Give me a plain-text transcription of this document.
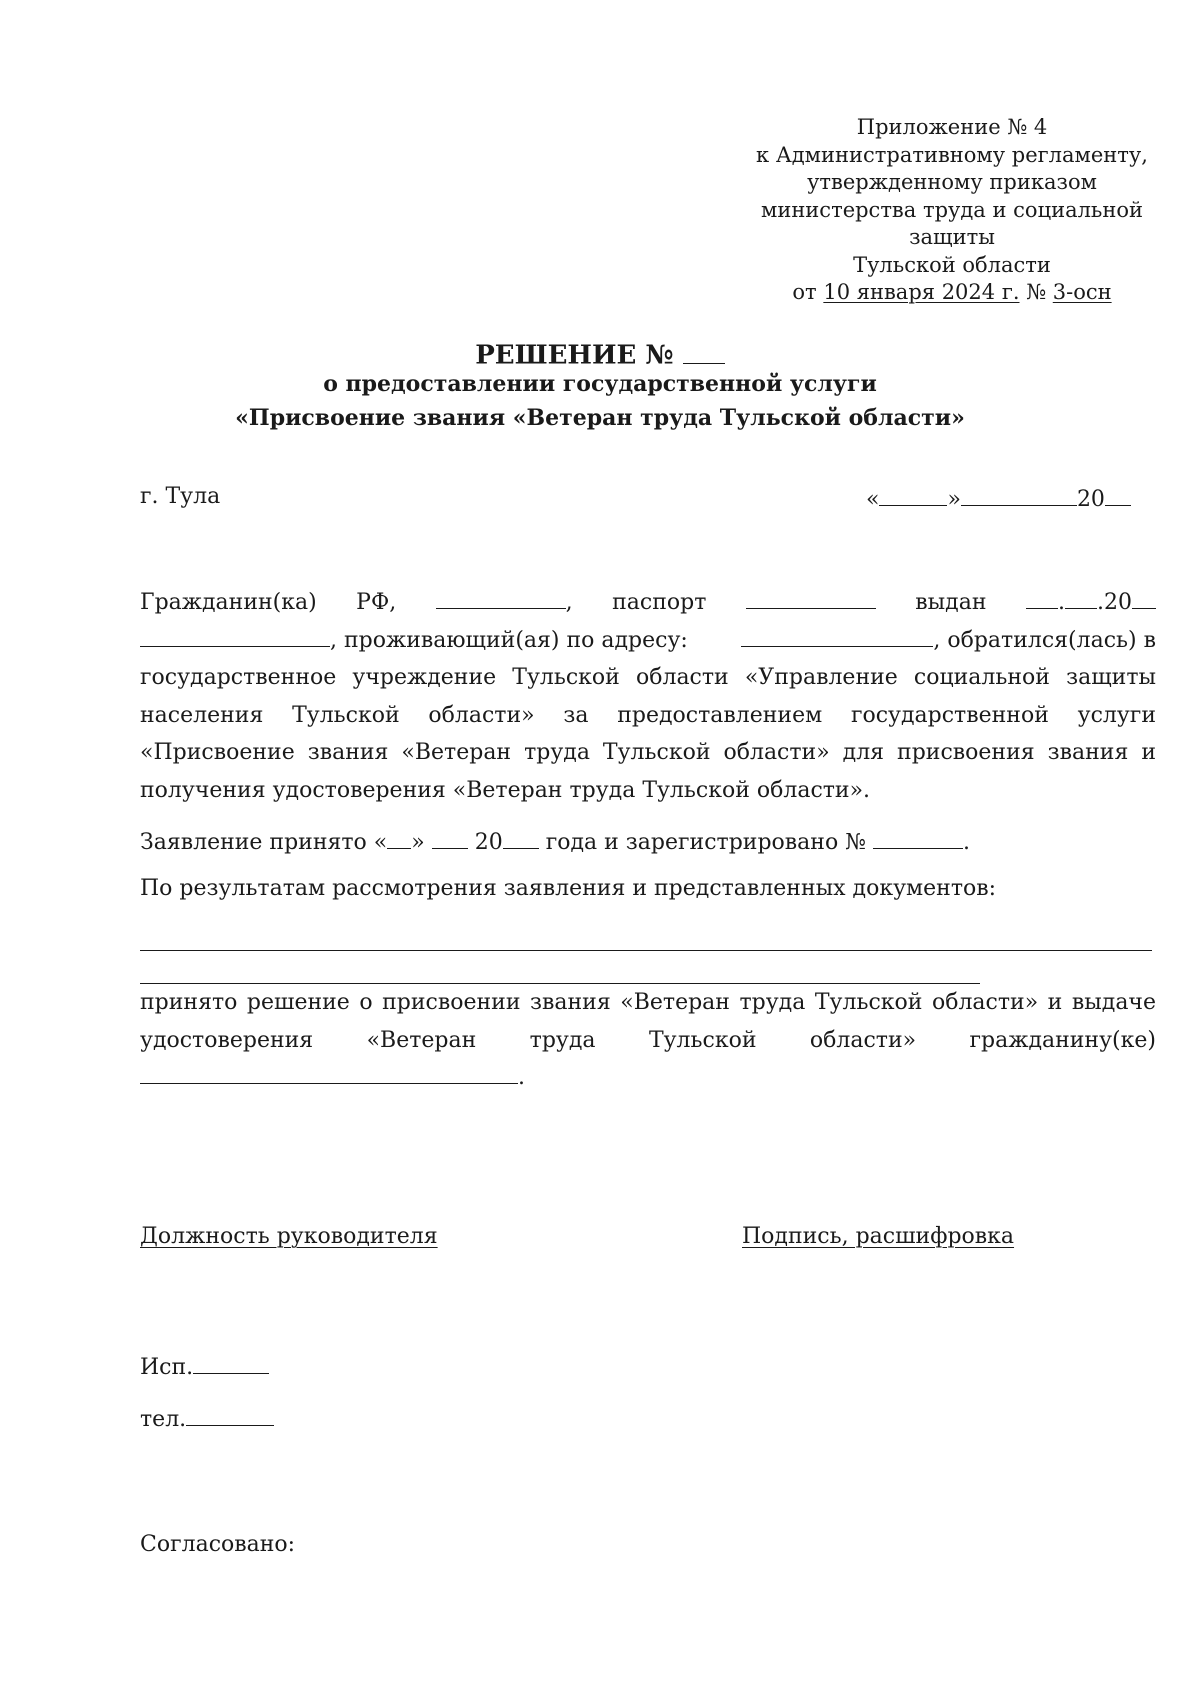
Приложение № 4
к Административному регламенту,
утвержденному приказом
министерства труда и социальной
защиты
Тульской области
от 10 января 2024 г. № 3-осн
РЕШЕНИЕ №
о предоставлении государственной услуги
«Присвоение звания «Ветеран труда Тульской области»
г. Тула	«	»	20
Гражданин(ка) РФ,	, паспорт	выдан	. .20
, проживающий(ая) по адресу:	, обратился(лась) в
государственное учреждение Тульской области «Управление социальной защиты
населения Тульской области» за предоставлением государственной услуги
«Присвоение звания «Ветеран труда Тульской области» для присвоения звания и
получения удостоверения «Ветеран труда Тульской области».
Заявление принято « » 20 года и зарегистрировано №	.
По результатам рассмотрения заявления и представленных документов:
принято решение о присвоении звания «Ветеран труда Тульской области» и выдаче
удостоверения «Ветеран труда Тульской области» гражданину(ке)
.
Должность руководителя	Подпись, расшифровка
Исп.
тел.
Согласовано:
